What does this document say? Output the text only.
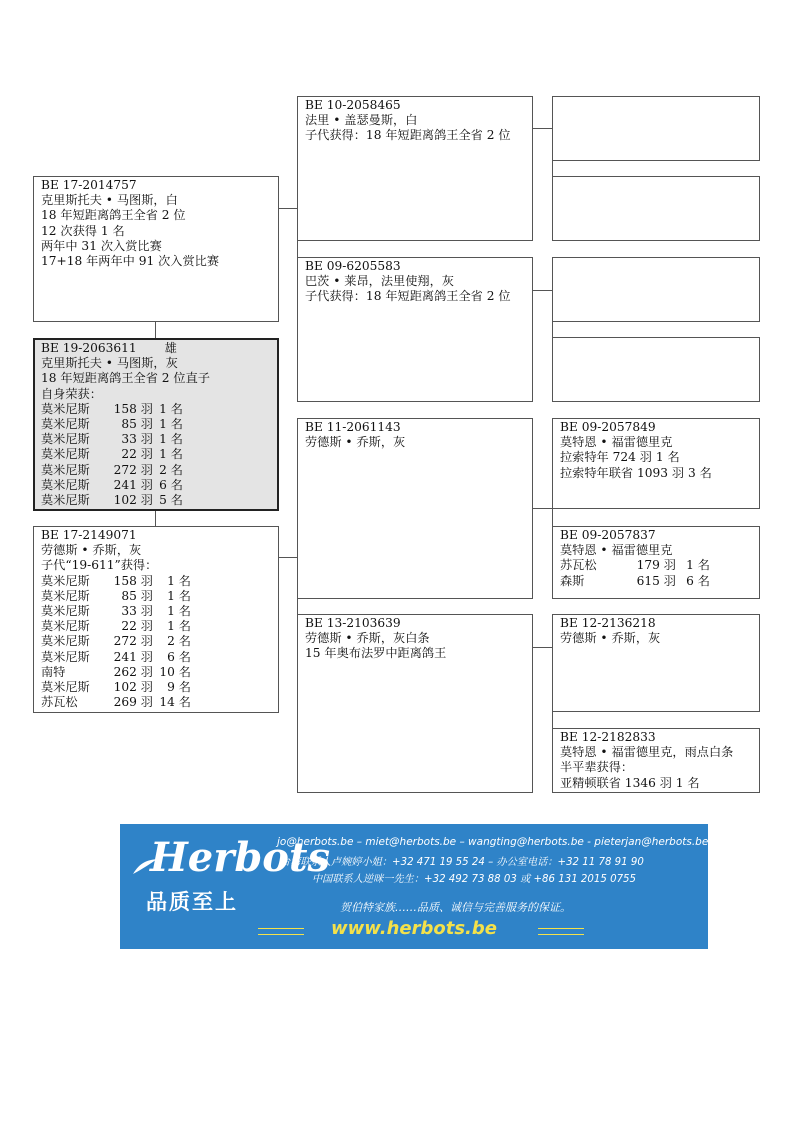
BE 09-2057849
莫特恩 • 福雷德里克
拉索特年 724 羽 1 名
拉索特年联省 1093 羽 3 名
BE 09-2057837
莫特恩 • 福雷德里克
苏瓦松	179 羽	1 名
森斯	615 羽	6 名
BE 12-2136218
劳德斯 • 乔斯，灰
BE 12-2182833
莫特恩 • 福雷德里克，雨点白条
半平辈获得：
亚精顿联省 1346 羽 1 名
BE 10-2058465
法里 • 盖瑟曼斯，白
子代获得：18 年短距离鸽王全省 2 位
BE 09-6205583
巴茨 • 莱昂，法里使翔，灰
子代获得：18 年短距离鸽王全省 2 位
BE 11-2061143
劳德斯 • 乔斯，灰
BE 13-2103639
劳德斯 • 乔斯，灰白条
15 年奥布法罗中距离鸽王
BE 17-2014757
克里斯托夫 • 马图斯，白
18 年短距离鸽王全省 2 位
12 次获得 1 名
两年中 31 次入赏比赛
17+18 年两年中 91 次入赏比赛
BE 19-2063611 雄
克里斯托夫 • 马图斯，灰
18 年短距离鸽王全省 2 位直子
自身荣获：
莫米尼斯	158 羽	1 名
莫米尼斯	85 羽	1 名
莫米尼斯	33 羽	1 名
莫米尼斯	22 羽	1 名
莫米尼斯	272 羽	2 名
莫米尼斯	241 羽	6 名
莫米尼斯	102 羽	5 名
BE 17-2149071
劳德斯 • 乔斯，灰
子代“19-611”获得：
莫米尼斯	158 羽	1 名
莫米尼斯	85 羽	1 名
莫米尼斯	33 羽	1 名
莫米尼斯	22 羽	1 名
莫米尼斯	272 羽	2 名
莫米尼斯	241 羽	6 名
南特	262 羽	10 名
莫米尼斯	102 羽	9 名
苏瓦松	269 羽	14 名
Herbots
品质至上
jo@herbots.be – miet@herbots.be – wangting@herbots.be - pieterjan@herbots.be
台湾联系人卢婉婷小姐：+32 471 19 55 24 – 办公室电话：+32 11 78 91 90
中国联系人逆咪一先生：+32 492 73 88 03 或 +86 131 2015 0755
贺伯特家族……品质、诚信与完善服务的保证。
www.herbots.be
